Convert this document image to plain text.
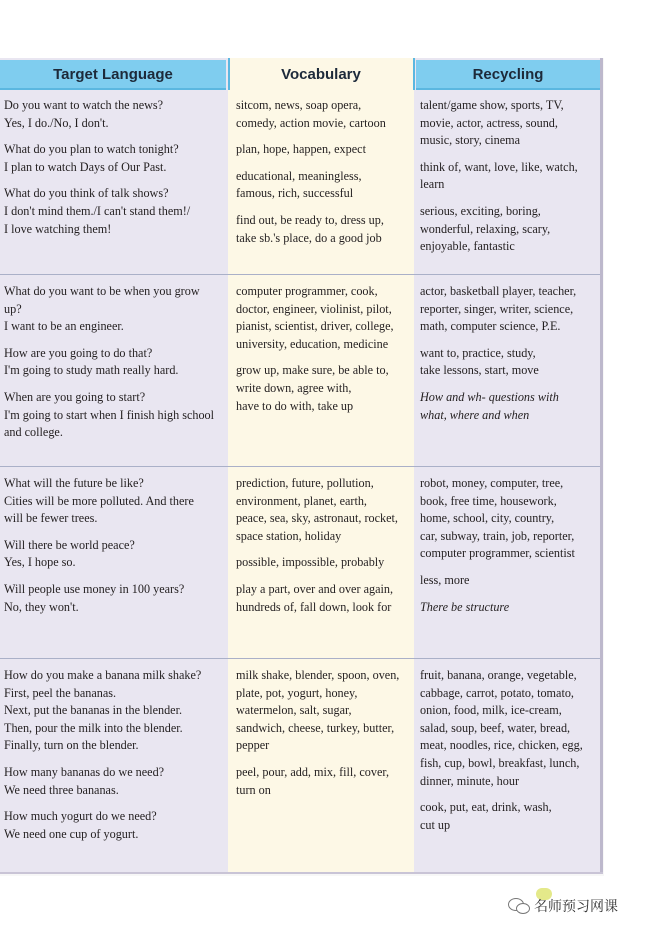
Target Language	Vocabulary	Recycling

Do you want to watch the news?
Yes, I do./No, I don't.

What do you plan to watch tonight?
I plan to watch Days of Our Past.

What do you think of talk shows?
I don't mind them./I can't stand them!/
I love watching them!

sitcom, news, soap opera,
comedy, action movie, cartoon

plan, hope, happen, expect

educational, meaningless,
famous, rich, successful

find out, be ready to, dress up,
take sb.'s place, do a good job

talent/game show, sports, TV,
movie, actor, actress, sound,
music, story, cinema

think of, want, love, like, watch,
learn

serious, exciting, boring,
wonderful, relaxing, scary,
enjoyable, fantastic

What do you want to be when you grow
up?
I want to be an engineer.

How are you going to do that?
I'm going to study math really hard.

When are you going to start?
I'm going to start when I finish high school
and college.

computer programmer, cook,
doctor, engineer, violinist, pilot,
pianist, scientist, driver, college,
university, education, medicine

grow up, make sure, be able to,
write down, agree with,
have to do with, take up

actor, basketball player, teacher,
reporter, singer, writer, science,
math, computer science, P.E.

want to, practice, study,
take lessons, start, move

How and wh- questions with
what, where and when

What will the future be like?
Cities will be more polluted. And there
will be fewer trees.

Will there be world peace?
Yes, I hope so.

Will people use money in 100 years?
No, they won't.

prediction, future, pollution,
environment, planet, earth,
peace, sea, sky, astronaut, rocket,
space station, holiday

possible, impossible, probably

play a part, over and over again,
hundreds of, fall down, look for

robot, money, computer, tree,
book, free time, housework,
home, school, city, country,
car, subway, train, job, reporter,
computer programmer, scientist

less, more

There be structure

How do you make a banana milk shake?
First, peel the bananas.
Next, put the bananas in the blender.
Then, pour the milk into the blender.
Finally, turn on the blender.

How many bananas do we need?
We need three bananas.

How much yogurt do we need?
We need one cup of yogurt.

milk shake, blender, spoon, oven,
plate, pot, yogurt, honey,
watermelon, salt, sugar,
sandwich, cheese, turkey, butter,
pepper

peel, pour, add, mix, fill, cover,
turn on

fruit, banana, orange, vegetable,
cabbage, carrot, potato, tomato,
onion, food, milk, ice-cream,
salad, soup, beef, water, bread,
meat, noodles, rice, chicken, egg,
fish, cup, bowl, breakfast, lunch,
dinner, minute, hour

cook, put, eat, drink, wash,
cut up

名师预习网课
